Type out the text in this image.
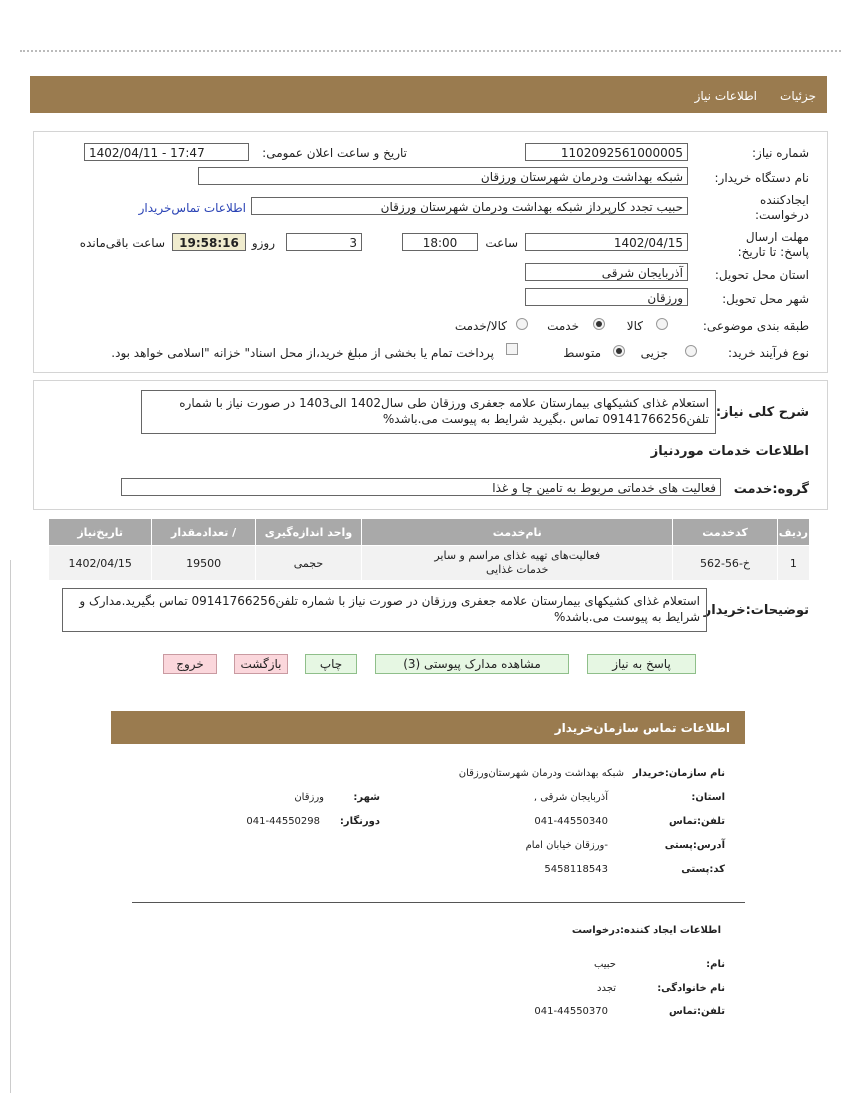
جزئيات
اطلاعات نیاز
شماره نیاز:
1102092561000005
تاریخ و ساعت اعلان عمومی:
1402/04/11 - 17:47
نام دستگاه خریدار:
شبکه بهداشت ودرمان شهرستان ورزقان
ایجادکننده درخواست:
حبیب تجدد کارپرداز شبکه بهداشت ودرمان شهرستان ورزقان
اطلاعات تماس‌خریدار
مهلت ارسال پاسخ: تا تاریخ:
1402/04/15
ساعت
18:00
3
روزو
19:58:16
ساعت باقی‌مانده
استان محل تحویل:
آذربایجان شرقی
شهر محل تحویل:
ورزقان
طبقه بندی موضوعی:
کالا
خدمت
کالا/خدمت
نوع فرآیند خرید:
جزیی
متوسط
پرداخت تمام یا بخشی از مبلغ خرید،از محل اسناد" خزانه "اسلامی خواهد بود.
شرح کلی نیاز:
استعلام غذای کشیکهای بیمارستان علامه جعفری ورزقان طی سال1402 الی1403 در صورت نیاز با شماره تلفن09141766256 تماس .بگیرید شرایط به پیوست می.باشد%
اطلاعات خدمات موردنیاز
گروه:خدمت
فعالیت های خدماتی مربوط به تامین چا و غذا
ردیف	کدخدمت	نام‌خدمت	واحد اندازه‌گیری	/ تعدادمقدار	تاریخ‌نیاز
1	خ-56-562	فعالیت‌های تهیه غذای مراسم و سایر خدمات غذایی	حجمی	19500	1402/04/15
توضیحات:خریدار
استعلام غذای کشیکهای بیمارستان علامه جعفری ورزقان در صورت نیاز با شماره تلفن09141766256 تماس بگیرید.مدارک و شرایط به پیوست می.باشد%
پاسخ به نیاز
مشاهده مدارک پیوستی (3)
چاپ
بازگشت
خروج
اطلاعات تماس سازمان‌خریدار
نام سازمان:خریدار
شبکه بهداشت ودرمان شهرستان‌ورزقان
استان:
آذربایجان شرقی ,
شهر:
ورزقان
تلفن:تماس
041-44550340
دورنگار:
041-44550298
آدرس:پستی
-ورزقان خیابان امام
کد:پستی
5458118543
اطلاعات ایجاد کننده:درخواست
نام:
حبیب
نام خانوادگی:
تجدد
تلفن:تماس
041-44550370
